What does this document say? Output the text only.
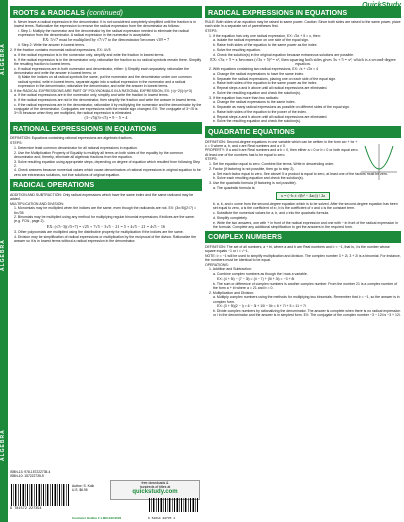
ALGEBRA
ALGEBRA
ALGEBRA
ROOTS & RADICALS (continued)

b. Never leave a radical expression in the denominator. It is not considered completely simplified until the fraction is in lowest terms. Rationalize the expression to remove the radical expression from the denominator as follows:

i. Step 1: Multiply the numerator and the denominator by the radical expression needed to eliminate the radical expression from the denominator. A radical expression in the numerator is acceptable.

EX: 5/√7 must be multiplied by √7/√7 to the denominator becomes √49 = 7

ii. Step 2: Write the answer in lowest terms.

2. If the fraction contains monomial radical expressions, EX: 4/√5

a. If the radical expression is in the numerator only, simplify and write the fraction in lowest terms.

b. If the radical expression is in the denominator only, rationalize the fraction so no radical symbols remain there. Simplify the resulting fraction to lowest terms.

c. If radical expressions are in both numerator and denominator, either: i) Simplify each separately, rationalize the denominator and write the answer in lowest terms; or

ii) Make the indices on all radical symbols the same, put the numerator and the denominator under one common radical symbol, write in lowest terms, separate again into a radical expression in the numerator and a radical expression in the denominator, rationalize the denominator, and write the answer in lowest terms.

3. If the RADICAL EXPRESSIONS ARE PART OF POLYNOMIALS IN A RATIONAL EXPRESSION, EX: (√y−2)/(√y+3)

a. If the radical expressions are in the numerator only, simplify and write the fraction in lowest terms.

b. If the radical expressions are not in the denominator, then simplify the fraction and write the answer in lowest terms.

c. If the radical expressions are in the denominator, rationalize it by multiplying the numerator and the denominator by the conjugate of the denominator. Conjugates are expressions with the middle sign changed. EX: The conjugate of 3−√5 is 3+√5 because when they are multiplied, the radical expression is eliminated.

(3−√5)(3+√5) = 9 − 5 = 4
RATIONAL EXPRESSIONS IN EQUATIONS

DEFINITION: Equations containing rational expressions are algebraic fractions.

STEPS:

1. Determine least common denominator for all rational expressions in equation.

2. Use the Multiplication Property of Equality to multiply all terms on both sides of the equality by the common denominator and, thereby, eliminate all algebraic fractions from the equation.

3. Solve resulting equation using appropriate steps, depending on degree of equation which resulted from following Step 2.

4. Check answers because numerical values which cause denominators of rational expressions in original equation to be zero are extraneous solutions, not true solutions of original equation.

RADICAL OPERATIONS

ADDITION AND SUBTRACTION: Only radical expressions which have the same index and the same radicand may be added.

MULTIPLICATION AND DIVISION:

1. Monomials may be multiplied when the indices are the same, even though the radicands are not. EX: (3x√5)(2√7) = 6x√35

2. Binomials may be multiplied using any method for multiplying regular binomial expressions if indices are the same. (e.g. FOIL, page 2).

EX: (√5−3)(√5+7) = √25 + 7√5 − 3√5 − 21 = 5 + 4√5 − 21 = 4√5 − 16

3. Other polynomials are multiplied using the distributive property for multiplication if the indices are the same.

4. Division may be simplification of radical expressions or multiplication by the reciprocal of the divisor. Rationalize the answer so it is in lowest terms without a radical expression in the denominator.

RADICAL EXPRESSIONS IN EQUATIONS

RULE: Both sides of an equation may be raised to same power. Caution: Since both sides are raised to the same power, place each side in a separate set of parentheses first.

STEPS:

1. If the equation has only one radical expression, EX: √3x + 5 = x, then:

a. Isolate the radical expression on one side of the equal sign.

b. Raise both sides of the equation to the same power as the index.

c. Solve the resulting equation.

d. Check the solution(s) in the original equation because extraneous solutions are possible.

EX: √3x + 5 = x becomes (√3x + 5)² = x², then squaring both sides gives 3x + 5 = x², which is a second-degree equation.

2. With equations containing two radical expressions, EX: √x + √2x = 4

a. Change the radical expressions to have the same index.

b. Separate the radical expressions, placing one on each side of the equal sign.

c. Raise both sides of the equation to the same power as the index.

d. Repeat steps a and b above until all radical expressions are eliminated.

e. Solve the resulting equation and check the solution(s).

3. If the equation has more than two radicals:

a. Change the radical expressions to the same index.

b. Separate as many radical expressions as possible on different sides of the equal sign.

c. Raise both sides of the equation to the power of the index.

d. Repeat steps a and b above until all radical expressions are eliminated.

e. Solve the resulting equation and check the solution(s).

QUADRATIC EQUATIONS

DEFINITION: Second-degree equations in one variable which can be written in the form ax² + bx + c = 0 where a, b, and c are Real numbers and a ≠ 0.

PROPERTY: If a and b are Real numbers and a·b = 0, then either a = 0 or b = 0 or both equal zero. At least one of the numbers has to be equal to zero.

STEPS:

1. Set the equation equal to zero. Combine like terms. Write in descending order.

2. Factor (if factoring is not possible, then go to step 2).

a. Set each factor equal to zero. See above! If a product is equal to zero, at least one of the factors must be zero.

b. Solve each resulting equation and check the solution(s).

3. Use the quadratic formula (if factoring is not possible).

a. The quadratic formula is:

x = (−b ± √(b² − 4ac)) / 2a

b. a, b, and c come from the second-degree equation which is to be solved. After the second-degree equation has been set equal to zero, a is the coefficient of x², b is the coefficient of x and c is the constant term.

c. Substitute the numerical values for a, b, and c into the quadratic formula.

d. Simplify completely.

e. Write the two answers, one with + in front of the radical expression and one with − in front of the radical expression in the formula. Complete any additional simplification to get the answers in the required form.

COMPLEX NUMBERS

DEFINITION: The set of all numbers, a + bi, where a and b are Real numbers and i² = −1, that is, i is the number whose square equals −1 or i = √−1.

NOTE: i² = −1 will be used to simplify multiplication and division. The complex number 3 + 2i, 3 + 2i is a binomial. For instance, the numbers must be identical to be equal.

OPERATIONS:

1. Addition and Subtraction:

a. Combine complex numbers as though the i was a variable.

EX: (4 + 5i) − (7 − 3i) = (4 − 7) + (5i + 3i) = −3 + 8i

b. The sum or difference of complex numbers is another complex number. From the number 21 is a complex number of the form a + bi where a = 21 and b = 0.

2. Multiplication and Division:

a. Multiply complex numbers using the methods for multiplying two binomials. Remember that i² = −1, so the answer is in complex form.

EX: (3 + 5i)(2 − i) = 6 − 3i + 10i − 5i² = 6 + 7i + 5 = 11 + 7i

b. Divide complex numbers by rationalizing the denominator. The answer is complete when there is no radical expression or i in the denominator and the answer is in simplest form. EX: The conjugate of the complex number −3 − 12i is −3 + 12i.

ISBN-13: 978-157222735-4
ISBN-10: 157222735-9
9 781572 227354
Author: S. Kolk
U.S. $6.95
free downloads &
hundreds of titles at
quickstudy.com
6 54614 20735 1
Customer Hotline # 1.800.230.9522
